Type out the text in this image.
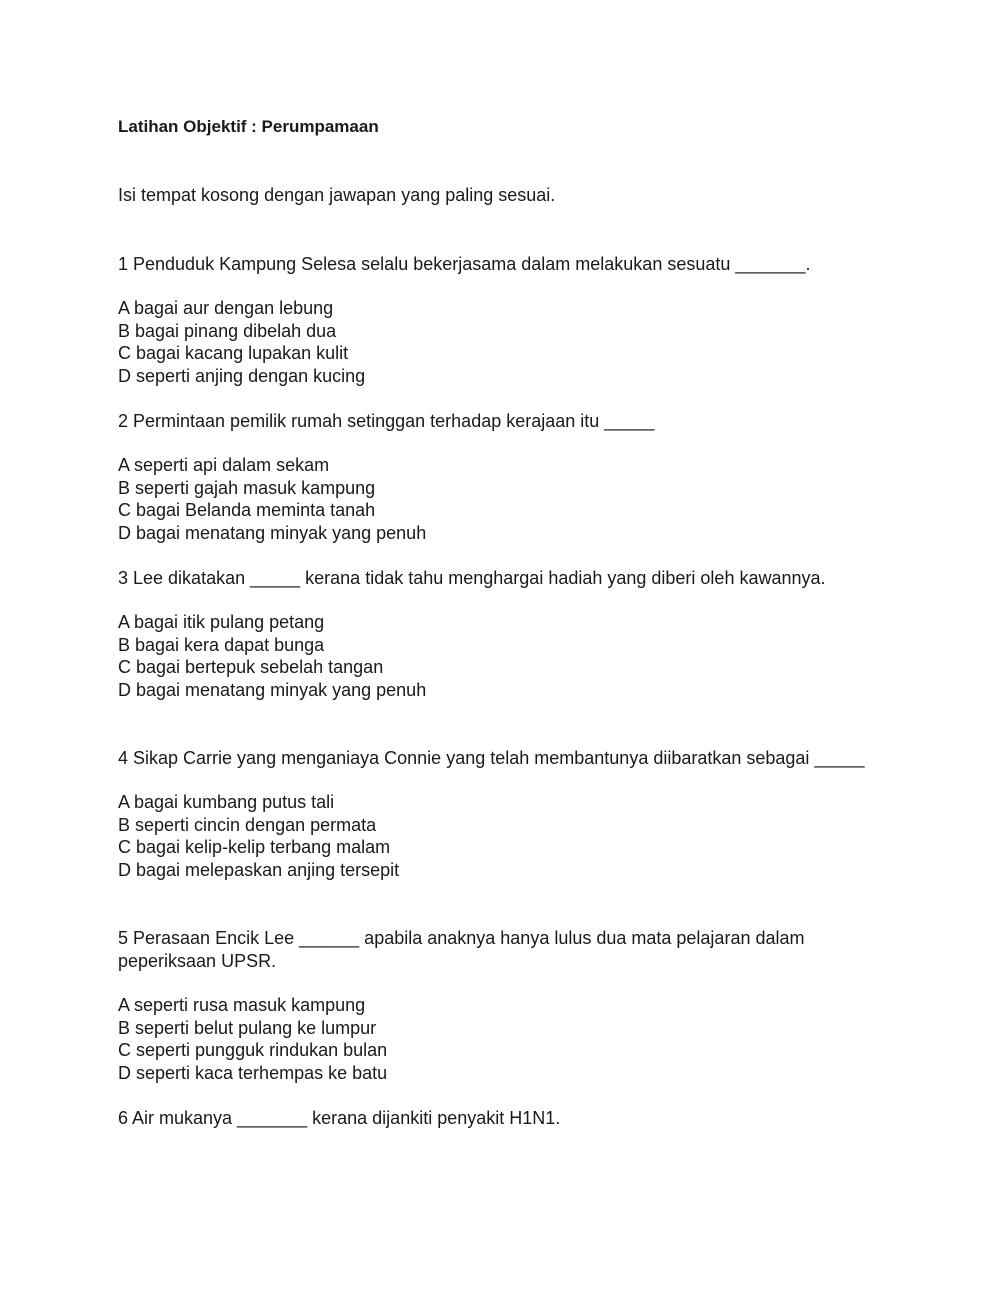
Latihan Objektif : Perumpamaan
Isi tempat kosong dengan jawapan yang paling sesuai.

1 Penduduk Kampung Selesa selalu bekerjasama dalam melakukan sesuatu _______.

A bagai aur dengan lebung
B bagai pinang dibelah dua
C bagai kacang lupakan kulit
D seperti anjing dengan kucing

2 Permintaan pemilik rumah setinggan terhadap kerajaan itu _____

A seperti api dalam sekam
B seperti gajah masuk kampung
C bagai Belanda meminta tanah
D bagai menatang minyak yang penuh

3 Lee dikatakan _____ kerana tidak tahu menghargai hadiah yang diberi oleh kawannya.

A bagai itik pulang petang
B bagai kera dapat bunga
C bagai bertepuk sebelah tangan
D bagai menatang minyak yang penuh

4 Sikap Carrie yang menganiaya Connie yang telah membantunya diibaratkan sebagai _____

A bagai kumbang putus tali
B seperti cincin dengan permata
C bagai kelip-kelip terbang malam
D bagai melepaskan anjing tersepit

5 Perasaan Encik Lee ______ apabila anaknya hanya lulus dua mata pelajaran dalam peperiksaan UPSR.

A seperti rusa masuk kampung
B seperti belut pulang ke lumpur
C seperti pungguk rindukan bulan
D seperti kaca terhempas ke batu

6 Air mukanya _______ kerana dijankiti penyakit H1N1.
